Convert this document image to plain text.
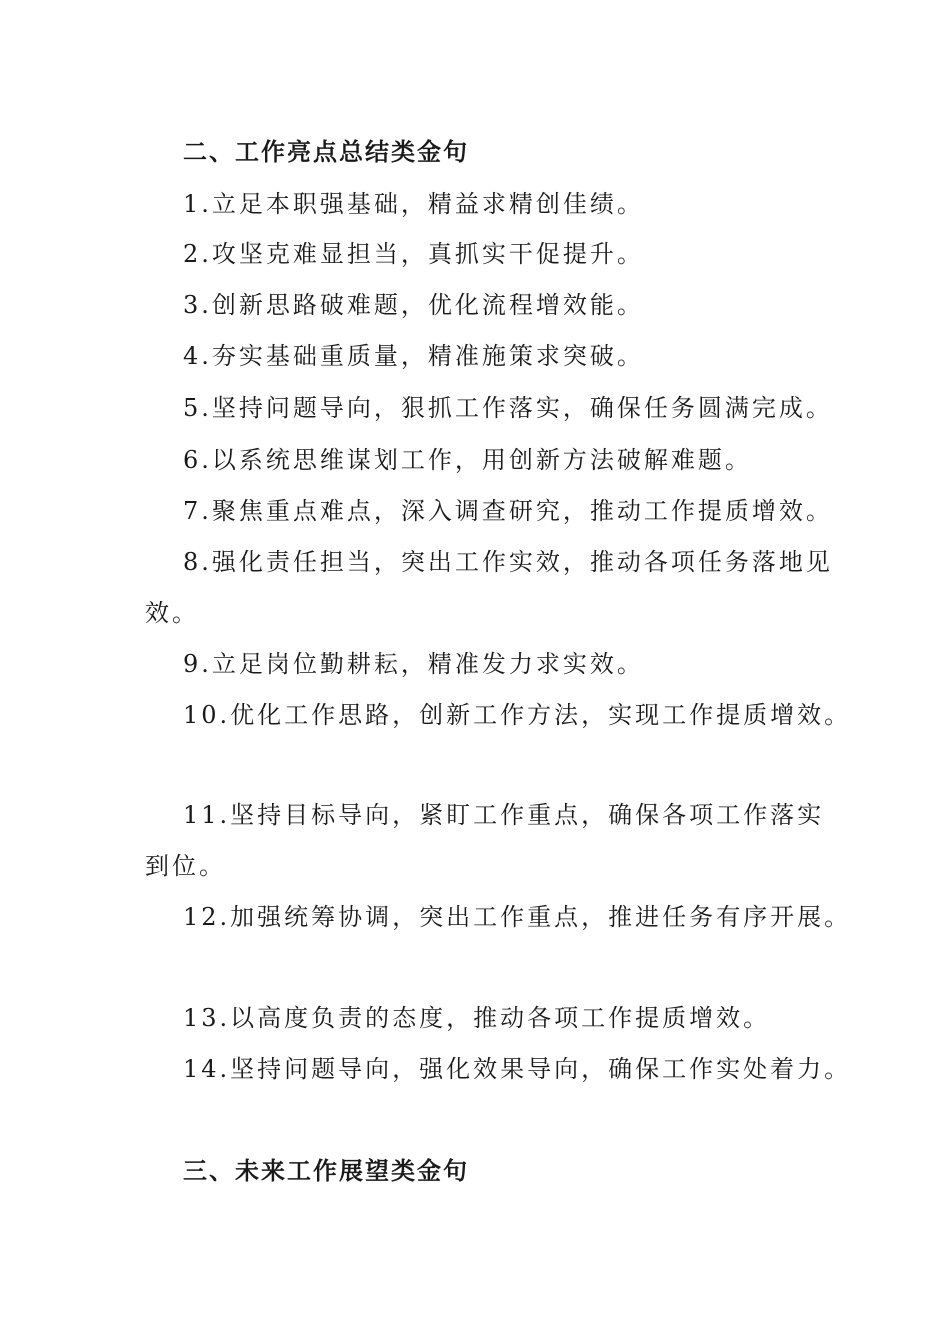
二、工作亮点总结类金句
1.立足本职强基础，精益求精创佳绩。
2.攻坚克难显担当，真抓实干促提升。
3.创新思路破难题，优化流程增效能。
4.夯实基础重质量，精准施策求突破。
5.坚持问题导向，狠抓工作落实，确保任务圆满完成。
6.以系统思维谋划工作，用创新方法破解难题。
7.聚焦重点难点，深入调查研究，推动工作提质增效。
8.强化责任担当，突出工作实效，推动各项任务落地见
效。
9.立足岗位勤耕耘，精准发力求实效。
10.优化工作思路，创新工作方法，实现工作提质增效。
11.坚持目标导向，紧盯工作重点，确保各项工作落实
到位。
12.加强统筹协调，突出工作重点，推进任务有序开展。
13.以高度负责的态度，推动各项工作提质增效。
14.坚持问题导向，强化效果导向，确保工作实处着力。
三、未来工作展望类金句
